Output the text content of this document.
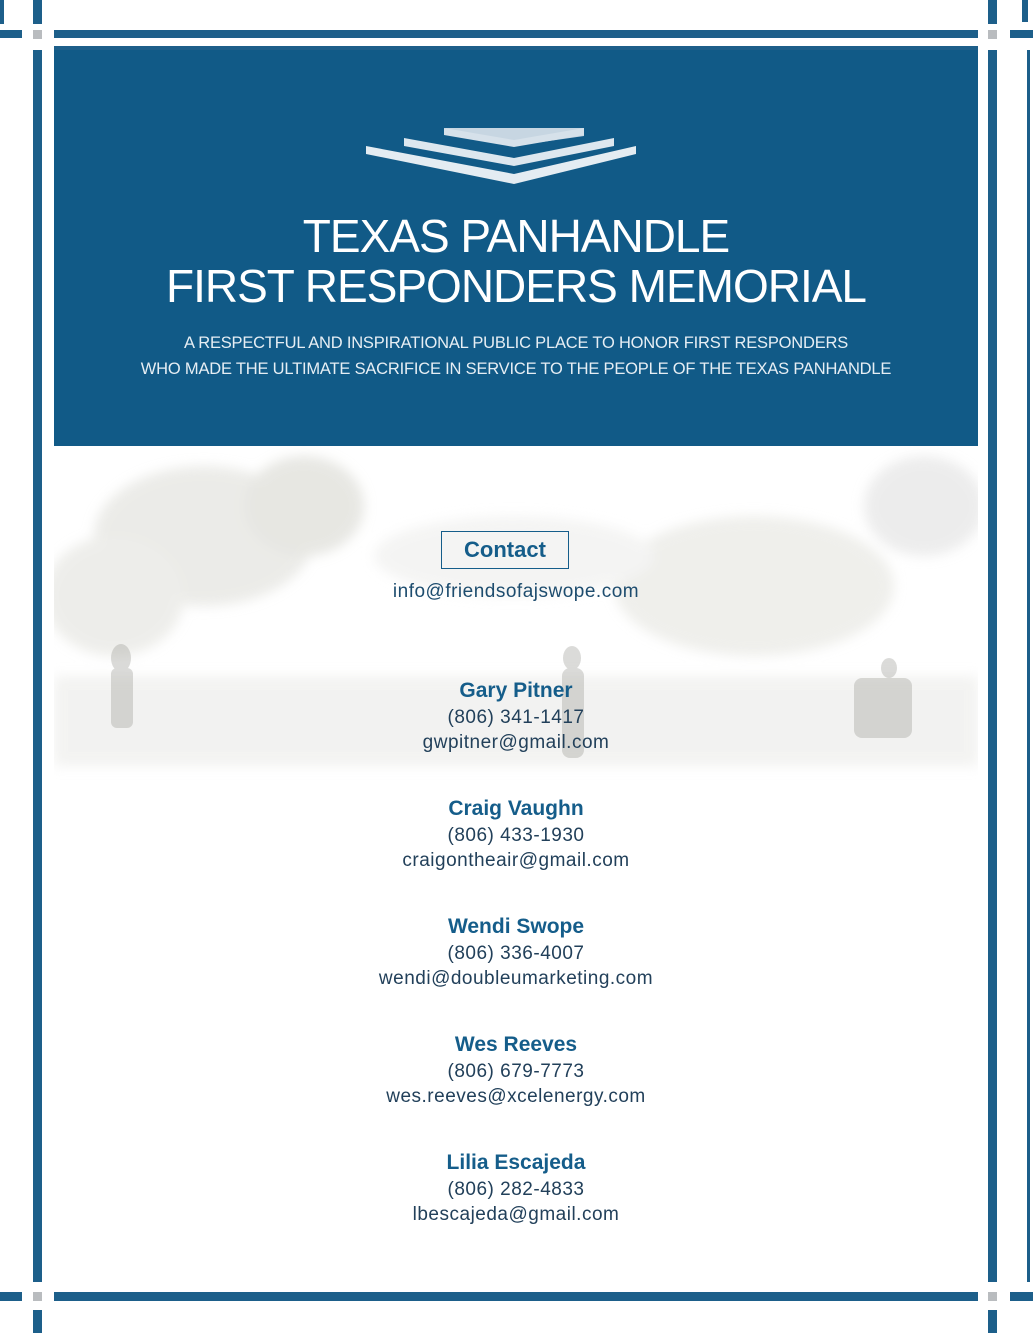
TEXAS PANHANDLE
FIRST RESPONDERS MEMORIAL
A RESPECTFUL AND INSPIRATIONAL PUBLIC PLACE TO HONOR FIRST RESPONDERS
WHO MADE THE ULTIMATE SACRIFICE IN SERVICE TO THE PEOPLE OF THE TEXAS PANHANDLE
Contact
info@friendsofajswope.com
Gary Pitner
(806) 341-1417
gwpitner@gmail.com
Craig Vaughn
(806) 433-1930
craigontheair@gmail.com
Wendi Swope
(806) 336-4007
wendi@doubleumarketing.com
Wes Reeves
(806) 679-7773
wes.reeves@xcelenergy.com
Lilia Escajeda
(806) 282-4833
lbescajeda@gmail.com
